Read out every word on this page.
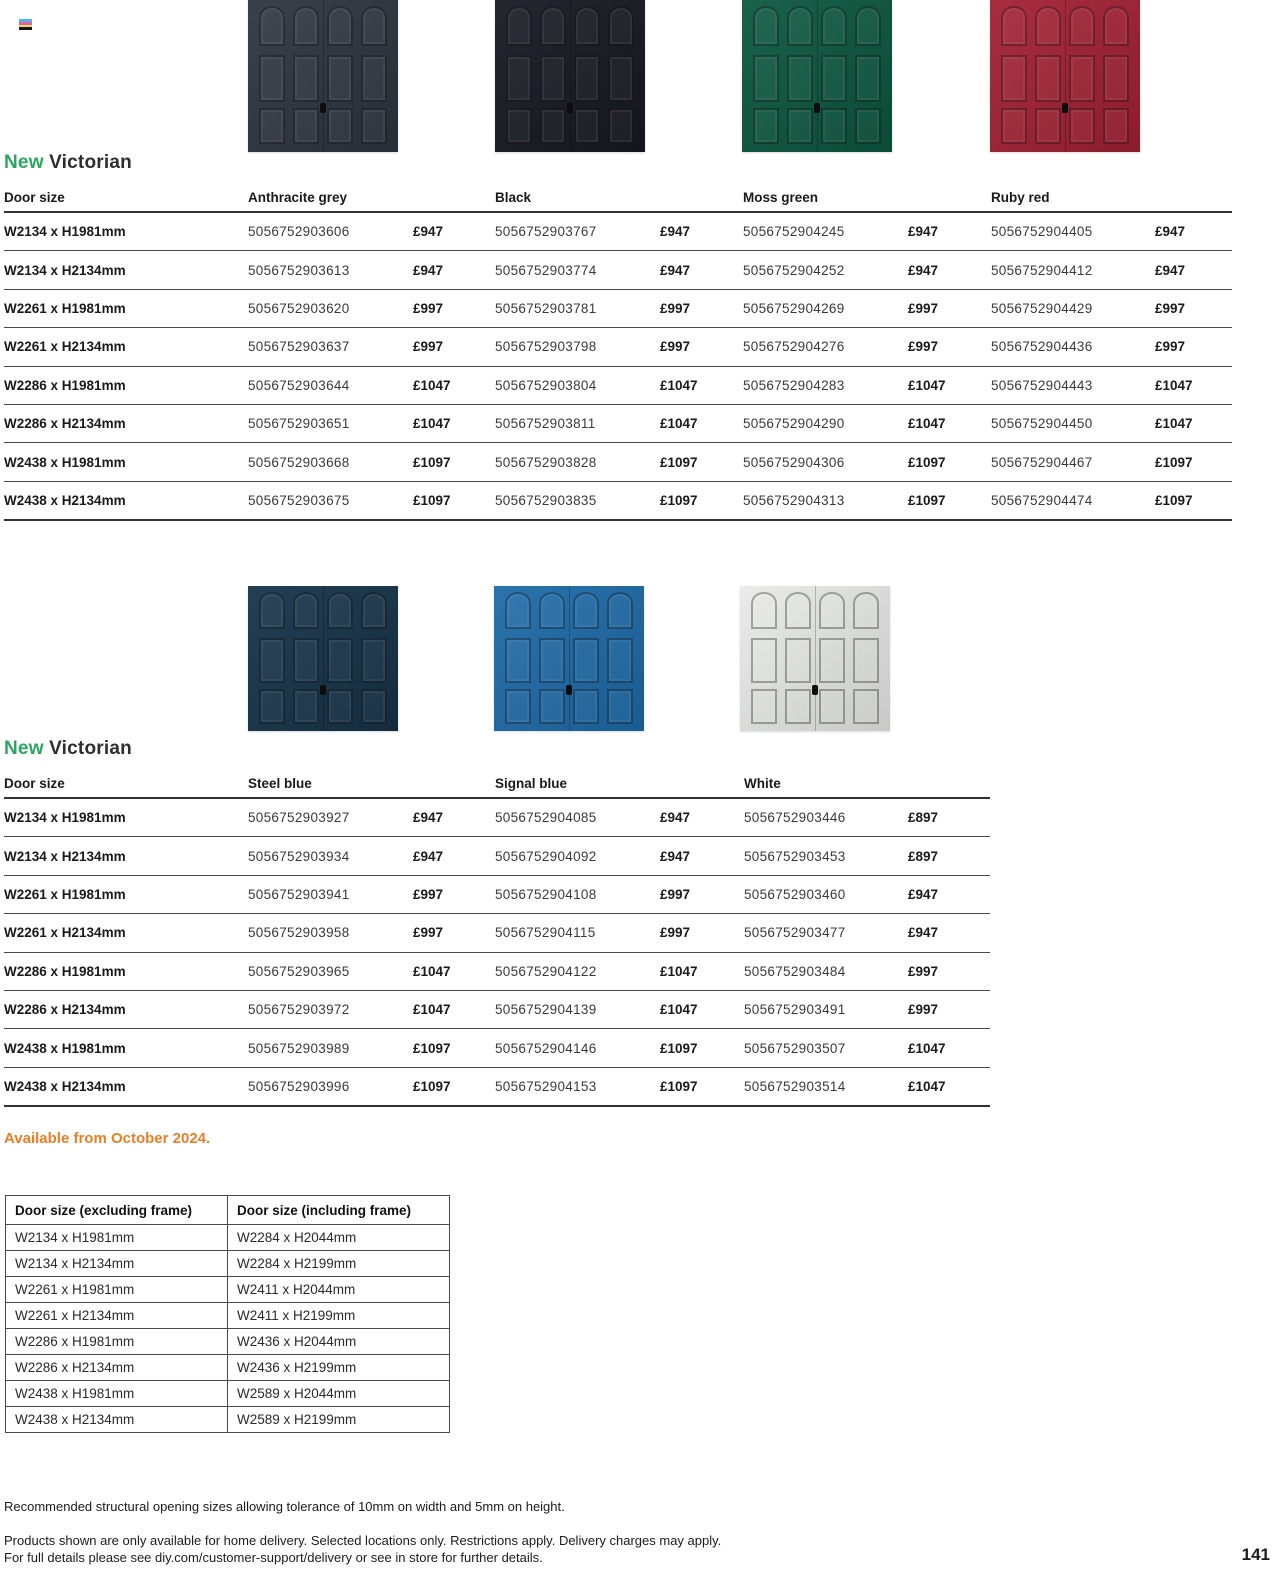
New Victorian
Door size	Anthracite grey	Black	Moss green	Ruby red
W2134 x H1981mm	5056752903606	£947	5056752903767	£947	5056752904245	£947	5056752904405	£947
W2134 x H2134mm	5056752903613	£947	5056752903774	£947	5056752904252	£947	5056752904412	£947
W2261 x H1981mm	5056752903620	£997	5056752903781	£997	5056752904269	£997	5056752904429	£997
W2261 x H2134mm	5056752903637	£997	5056752903798	£997	5056752904276	£997	5056752904436	£997
W2286 x H1981mm	5056752903644	£1047	5056752903804	£1047	5056752904283	£1047	5056752904443	£1047
W2286 x H2134mm	5056752903651	£1047	5056752903811	£1047	5056752904290	£1047	5056752904450	£1047
W2438 x H1981mm	5056752903668	£1097	5056752903828	£1097	5056752904306	£1097	5056752904467	£1097
W2438 x H2134mm	5056752903675	£1097	5056752903835	£1097	5056752904313	£1097	5056752904474	£1097
New Victorian
Door size	Steel blue	Signal blue	White
W2134 x H1981mm	5056752903927	£947	5056752904085	£947	5056752903446	£897
W2134 x H2134mm	5056752903934	£947	5056752904092	£947	5056752903453	£897
W2261 x H1981mm	5056752903941	£997	5056752904108	£997	5056752903460	£947
W2261 x H2134mm	5056752903958	£997	5056752904115	£997	5056752903477	£947
W2286 x H1981mm	5056752903965	£1047	5056752904122	£1047	5056752903484	£997
W2286 x H2134mm	5056752903972	£1047	5056752904139	£1047	5056752903491	£997
W2438 x H1981mm	5056752903989	£1097	5056752904146	£1097	5056752903507	£1047
W2438 x H2134mm	5056752903996	£1097	5056752904153	£1097	5056752903514	£1047
Available from October 2024.
Door size (excluding frame)	Door size (including frame)
W2134 x H1981mm	W2284 x H2044mm
W2134 x H2134mm	W2284 x H2199mm
W2261 x H1981mm	W2411 x H2044mm
W2261 x H2134mm	W2411 x H2199mm
W2286 x H1981mm	W2436 x H2044mm
W2286 x H2134mm	W2436 x H2199mm
W2438 x H1981mm	W2589 x H2044mm
W2438 x H2134mm	W2589 x H2199mm
Recommended structural opening sizes allowing tolerance of 10mm on width and 5mm on height.
Products shown are only available for home delivery. Selected locations only. Restrictions apply. Delivery charges may apply.
For full details please see diy.com/customer-support/delivery or see in store for further details.	141
